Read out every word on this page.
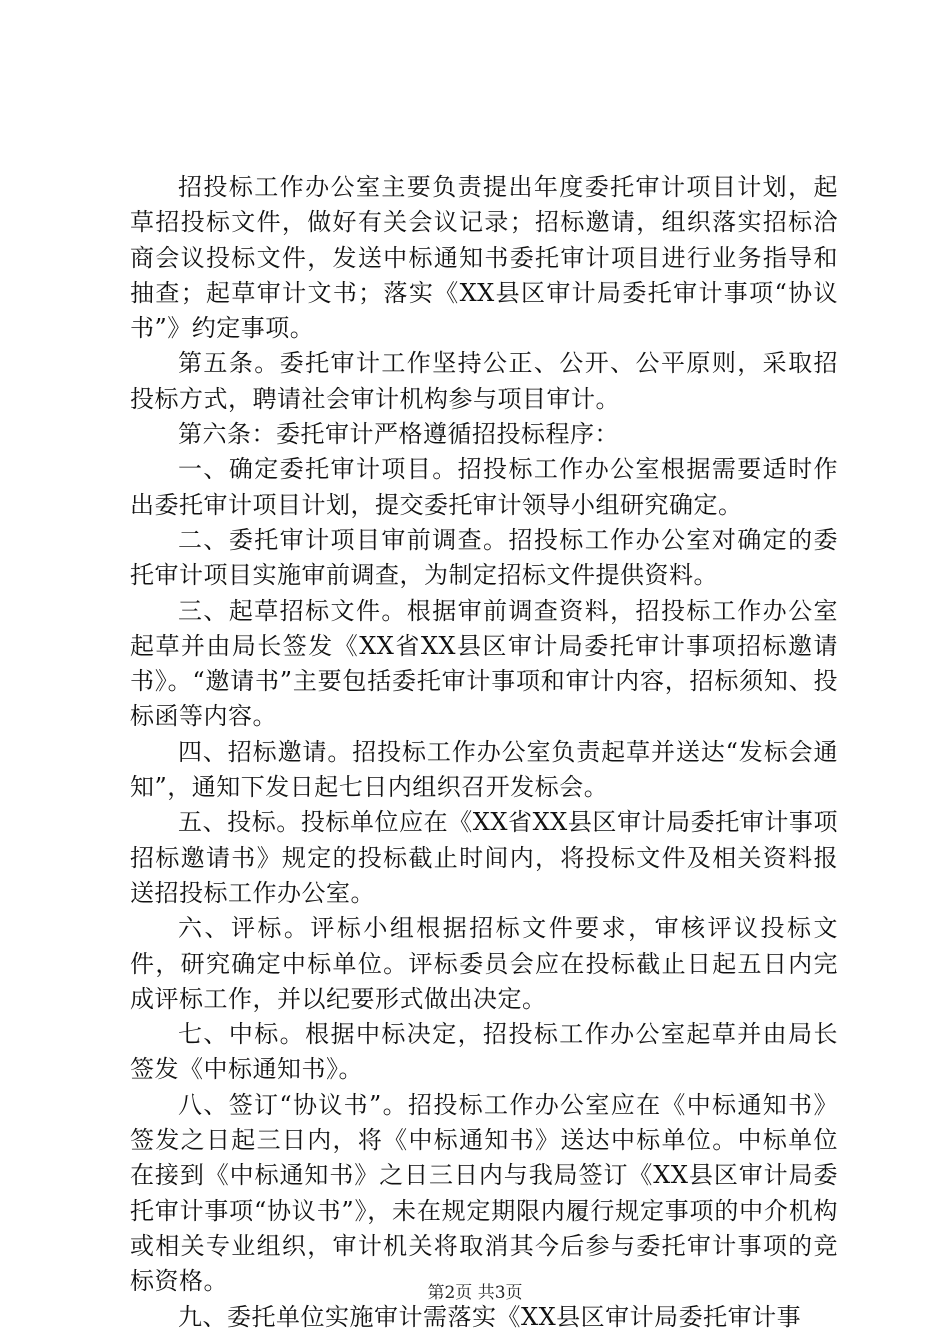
招投标工作办公室主要负责提出年度委托审计项目计划，起草招投标文件，做好有关会议记录；招标邀请，组织落实招标洽商会议投标文件，发送中标通知书委托审计项目进行业务指导和抽查；起草审计文书；落实《XX县区审计局委托审计事项“协议书”》约定事项。

第五条。委托审计工作坚持公正、公开、公平原则，采取招投标方式，聘请社会审计机构参与项目审计。

第六条：委托审计严格遵循招投标程序：

一、确定委托审计项目。招投标工作办公室根据需要适时作出委托审计项目计划，提交委托审计领导小组研究确定。

二、委托审计项目审前调查。招投标工作办公室对确定的委托审计项目实施审前调查，为制定招标文件提供资料。

三、起草招标文件。根据审前调查资料，招投标工作办公室起草并由局长签发《XX省XX县区审计局委托审计事项招标邀请书》。“邀请书”主要包括委托审计事项和审计内容，招标须知、投标函等内容。

四、招标邀请。招投标工作办公室负责起草并送达“发标会通知”，通知下发日起七日内组织召开发标会。

五、投标。投标单位应在《XX省XX县区审计局委托审计事项招标邀请书》规定的投标截止时间内，将投标文件及相关资料报送招投标工作办公室。

六、评标。评标小组根据招标文件要求，审核评议投标文件，研究确定中标单位。评标委员会应在投标截止日起五日内完成评标工作，并以纪要形式做出决定。

七、中标。根据中标决定，招投标工作办公室起草并由局长签发《中标通知书》。

八、签订“协议书”。招投标工作办公室应在《中标通知书》签发之日起三日内，将《中标通知书》送达中标单位。中标单位在接到《中标通知书》之日三日内与我局签订《XX县区审计局委托审计事项“协议书”》，未在规定期限内履行规定事项的中介机构或相关专业组织，审计机关将取消其今后参与委托审计事项的竞标资格。

九、委托单位实施审计需落实《XX县区审计局委托审计事

第2页 共3页
